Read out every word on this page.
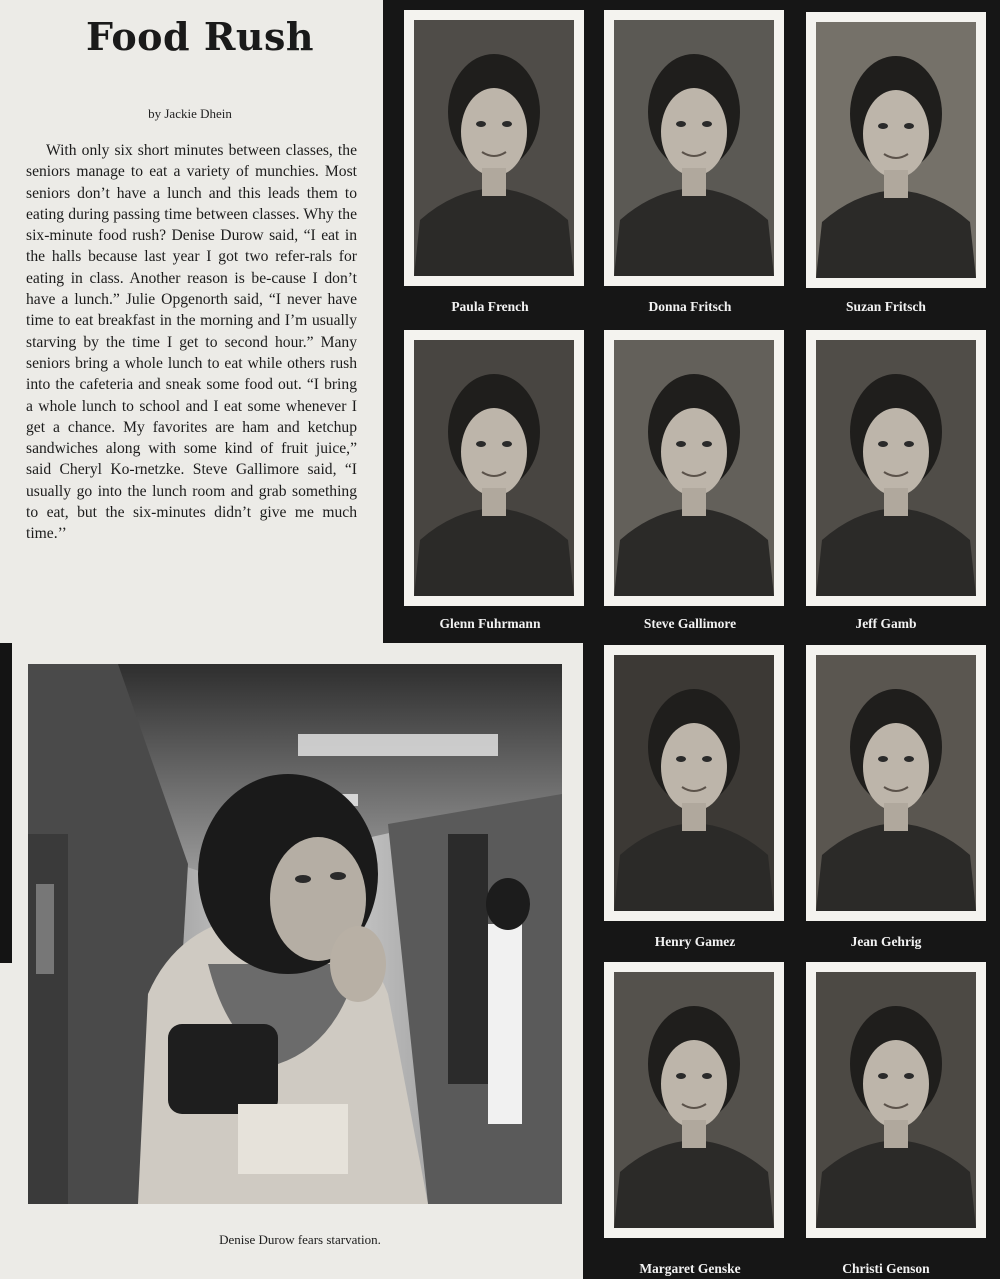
Food Rush
by Jackie Dhein

With only six short minutes between classes, the seniors manage to eat a variety of munchies. Most seniors don’t have a lunch and this leads them to eating during passing time between classes. Why the six-minute food rush? Denise Durow said, “I eat in the halls because last year I got two refer-rals for eating in class. Another reason is be-cause I don’t have a lunch.” Julie Opgenorth said, “I never have time to eat breakfast in the morning and I’m usually starving by the time I get to second hour.” Many seniors bring a whole lunch to eat while others rush into the cafeteria and sneak some food out. “I bring a whole lunch to school and I eat some whenever I get a chance. My favorites are ham and ketchup sandwiches along with some kind of fruit juice,” said Cheryl Ko-rnetzke. Steve Gallimore said, “I usually go into the lunch room and grab something to eat, but the six-minutes didn’t give me much time.’’

Denise Durow fears starvation.
Paula French	Donna Fritsch	Suzan Fritsch
Glenn Fuhrmann	Steve Gallimore	Jeff Gamb
Henry Gamez	Jean Gehrig
Margaret Genske	Christi Genson
